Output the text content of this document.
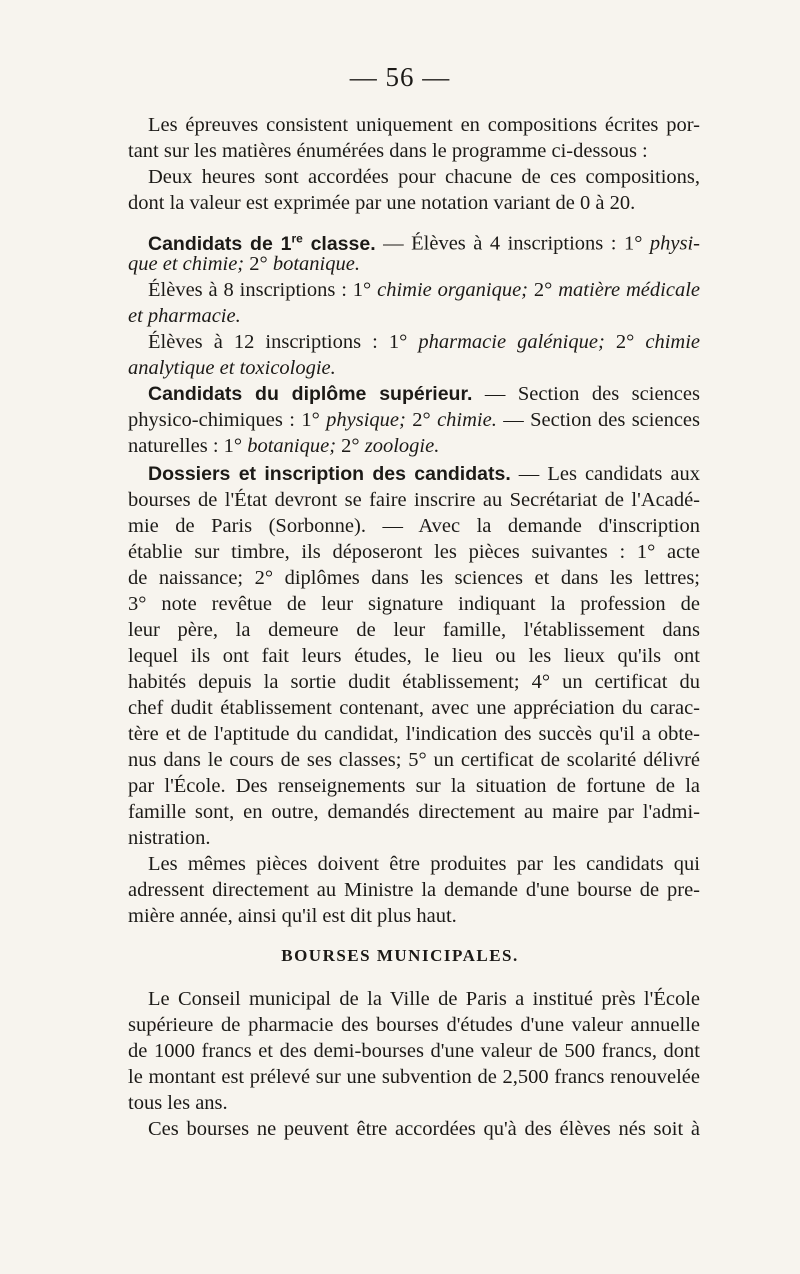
— 56 —
Les épreuves consistent uniquement en compositions écrites por-
tant sur les matières énumérées dans le programme ci-dessous :
Deux heures sont accordées pour chacune de ces compositions,
dont la valeur est exprimée par une notation variant de 0 à 20.
Candidats de 1re classe. — Élèves à 4 inscriptions : 1° physi-
que et chimie; 2° botanique.
Élèves à 8 inscriptions : 1° chimie organique; 2° matière médicale
et pharmacie.
Élèves à 12 inscriptions : 1° pharmacie galénique; 2° chimie
analytique et toxicologie.
Candidats du diplôme supérieur. — Section des sciences
physico-chimiques : 1° physique; 2° chimie. — Section des sciences
naturelles : 1° botanique; 2° zoologie.
Dossiers et inscription des candidats. — Les candidats aux
bourses de l'État devront se faire inscrire au Secrétariat de l'Acadé-
mie de Paris (Sorbonne). — Avec la demande d'inscription
établie sur timbre, ils déposeront les pièces suivantes : 1° acte
de naissance; 2° diplômes dans les sciences et dans les lettres;
3° note revêtue de leur signature indiquant la profession de
leur père, la demeure de leur famille, l'établissement dans
lequel ils ont fait leurs études, le lieu ou les lieux qu'ils ont
habités depuis la sortie dudit établissement; 4° un certificat du
chef dudit établissement contenant, avec une appréciation du carac-
tère et de l'aptitude du candidat, l'indication des succès qu'il a obte-
nus dans le cours de ses classes; 5° un certificat de scolarité délivré
par l'École. Des renseignements sur la situation de fortune de la
famille sont, en outre, demandés directement au maire par l'admi-
nistration.
Les mêmes pièces doivent être produites par les candidats qui
adressent directement au Ministre la demande d'une bourse de pre-
mière année, ainsi qu'il est dit plus haut.
BOURSES MUNICIPALES.
Le Conseil municipal de la Ville de Paris a institué près l'École
supérieure de pharmacie des bourses d'études d'une valeur annuelle
de 1000 francs et des demi-bourses d'une valeur de 500 francs, dont
le montant est prélevé sur une subvention de 2,500 francs renouvelée
tous les ans.
Ces bourses ne peuvent être accordées qu'à des élèves nés soit à
